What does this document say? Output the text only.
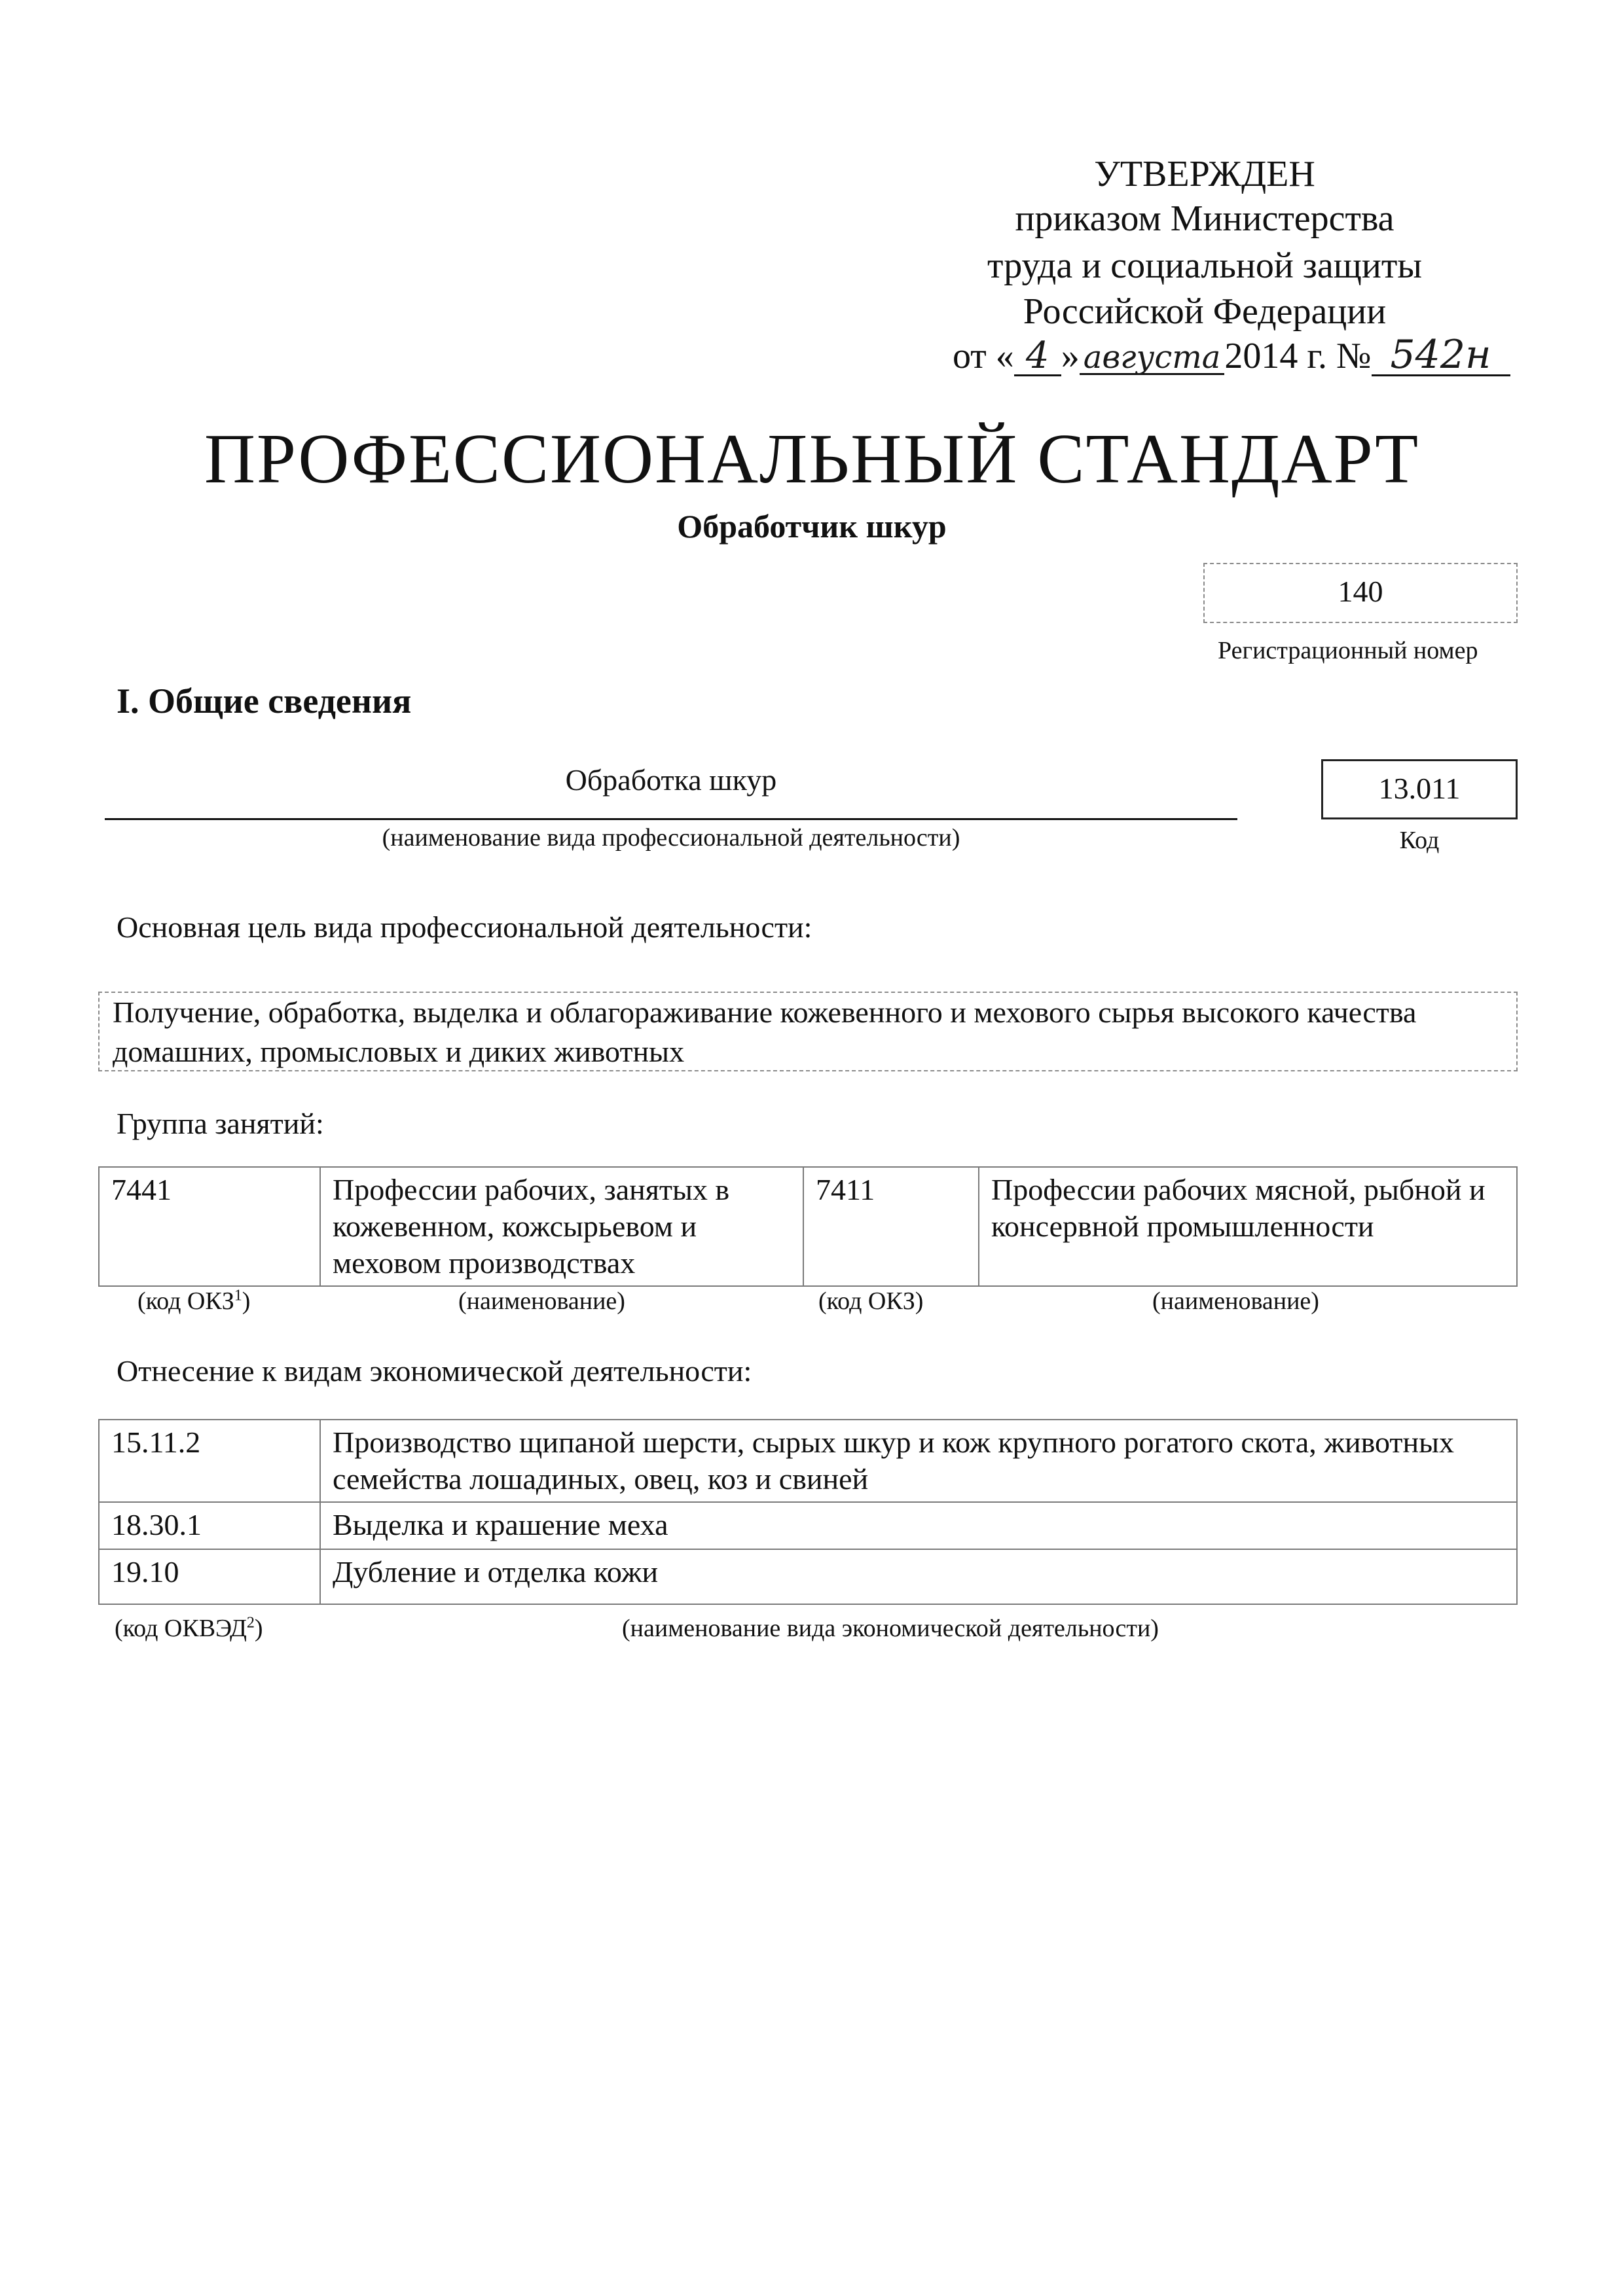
УТВЕРЖДЕН
приказом Министерства
труда и социальной защиты
Российской Федерации
от « 4 » августа 2014 г. № 542н
ПРОФЕССИОНАЛЬНЫЙ СТАНДАРТ
Обработчик шкур
140
Регистрационный номер
I. Общие сведения
Обработка шкур
(наименование вида профессиональной деятельности)
13.011
Код
Основная цель вида профессиональной деятельности:
Получение, обработка, выделка и облагораживание кожевенного и мехового сырья высокого качества домашних, промысловых и диких животных
Группа занятий:
7441	Профессии рабочих, занятых в кожевенном, кожсырьевом и меховом производствах	7411	Профессии рабочих мясной, рыбной и консервной промышленности
(код ОКЗ$^1$)	(наименование)	(код ОКЗ)	(наименование)
Отнесение к видам экономической деятельности:
15.11.2	Производство щипаной шерсти, сырых шкур и кож крупного рогатого скота, животных семейства лошадиных, овец, коз и свиней
18.30.1	Выделка и крашение меха
19.10	Дубление и отделка кожи
(код ОКВЭД$^2$)	(наименование вида экономической деятельности)
